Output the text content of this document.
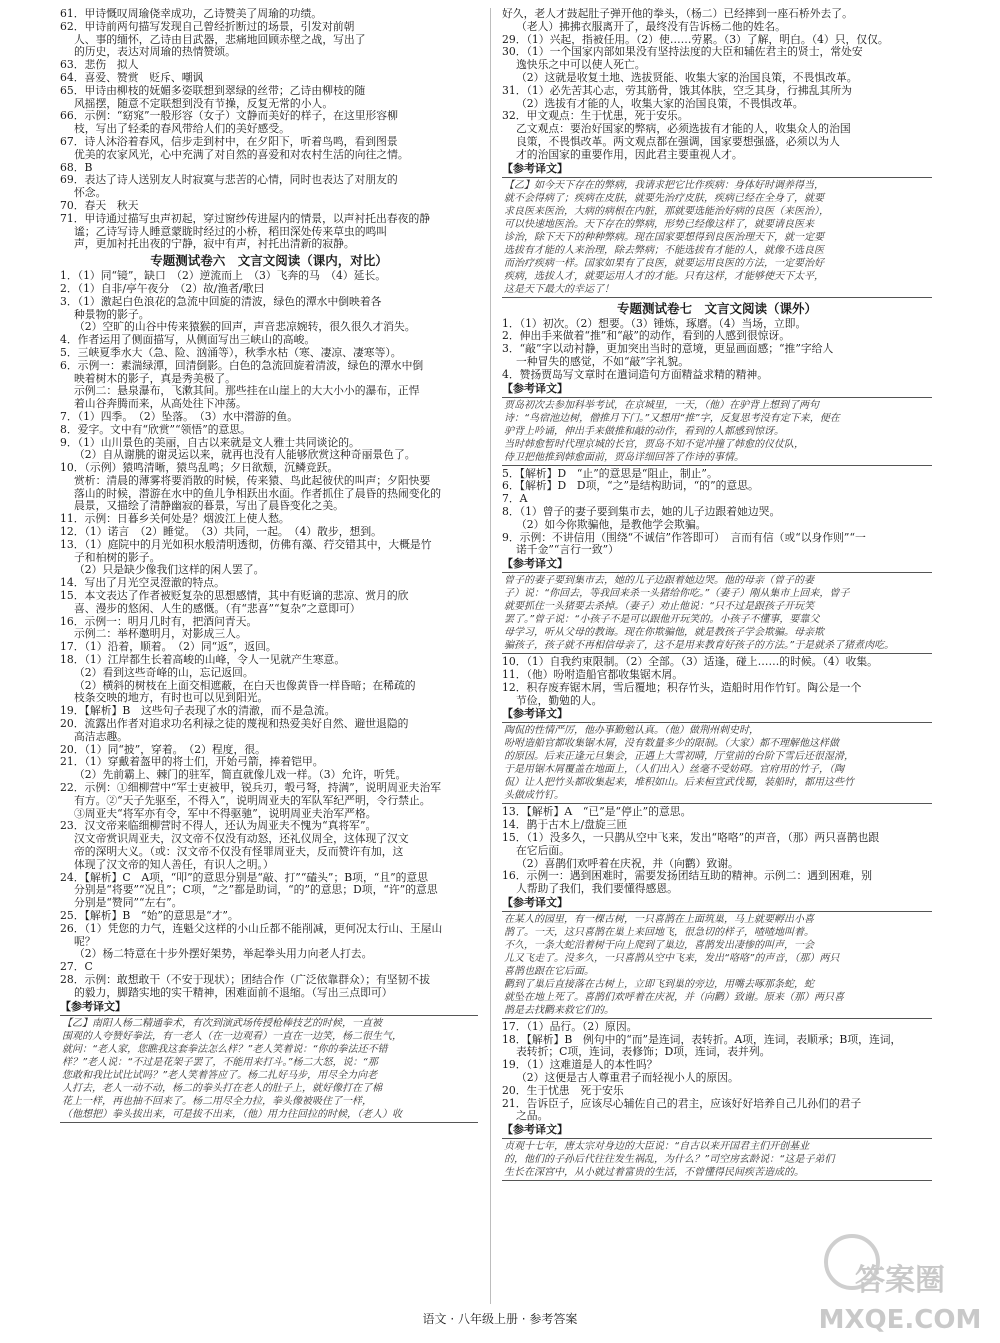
61．甲诗慨叹周瑜侥幸成功，乙诗赞美了周瑜的功绩。
62．甲诗前两句描写发现自己曾经折断过的场景，引发对前朝
人、事的缅怀，乙诗由目武器，悲痛地回顾赤壁之战，写出了
的历史，表达对周瑜的热情赞颂。
63．悲伤　拟人
64．喜爱、赞赏　贬斥、嘲讽
65．甲诗由柳枝的妩媚多姿联想到翠绿的丝带；乙诗由柳枝的随
风摇摆，随意不定联想到没有节操，反复无常的小人。
66．示例：“窈窕”一般形容（女子）文静而美好的样子，在这里形容柳
枝，写出了轻柔的春风带给人们的美好感受。
67．诗人沐浴着春风，信步走到村中，在夕阳下，听着鸟鸣，看到图景
优美的农家风光，心中充满了对自然的喜爱和对农村生活的向往之情。
68．B
69．表达了诗人送别友人时寂寞与悲苦的心情，同时也表达了对朋友的
怀念。
70．春天　秋天
71．甲诗通过描写虫声初起，穿过窗纱传进屋内的情景，以声衬托出春夜的静
谧；乙诗写诗人睡意蒙眬时经过的小桥，稻田深处传来草虫的鸣叫
声，更加衬托出夜的宁静，寂中有声，衬托出清新的寂静。
专题测试卷六　文言文阅读（课内，对比）
1．（1）同“镜”，缺口　（2）逆流而上　（3）飞奔的马　（4）延长。
2．（1）自非/亭午夜分　（2）故/渔者/歌曰
3．（1）激起白色浪花的急流中回旋的清波，绿色的潭水中倒映着各
种景物的影子。
（2）空旷的山谷中传来猿猴的回声，声音悲凉婉转，很久很久才消失。
4．作者运用了侧面描写，从侧面写出三峡山的高峻。
5．三峡夏季水大（急、险、汹涌等），秋季水枯（寒、凄凉、凄寒等）。
6．示例一：素湍绿潭，回清倒影。白色的急流回旋着清波，绿色的潭水中倒
映着树木的影子，真是秀美极了。
示例二：悬泉瀑布，飞漱其间。那些挂在山崖上的大大小小的瀑布，正悍
着山谷奔腾而来，从高处往下冲荡。
7．（1）四季。　（2）坠落。　（3）水中潜游的鱼。
8．爱字。文中有“欣赏”“领悟”的意思。
9．（1）山川景色的美丽，自古以来就是文人雅士共同谈论的。
（2）自从谢朓的谢灵运以来，就再也没有人能够欣赏这种奇丽景色了。
10．（示例）猿鸣清晰，猿鸟乱鸣；夕日欲颓，沉鳞竞跃。
赏析：清晨的薄雾将要消散的时候，传来猿、鸟此起彼伏的叫声；夕阳快要
落山的时候，潜游在水中的鱼儿争相跃出水面。作者抓住了晨昏的热闹变化的
晨景，又描绘了清静幽寂的暮景，写出了晨昏变化之美。
11．示例：日暮乡关何处是？烟波江上使人愁。
12．（1）诺言　（2）睡觉。　（3）共同，一起。　（4）散步，想到。
13．（1）庭院中的月光如积水般清明透彻，仿佛有藻、荇交错其中，大概是竹
子和柏树的影子。
（2）只是缺少像我们这样的闲人罢了。
14．写出了月光空灵澄澈的特点。
15．本文表达了作者被贬复杂的思想感情，其中有贬谪的悲凉、赏月的欣
喜、漫步的悠闲、人生的感慨。（有“悲喜”“复杂”之意即可）
16．示例一：明月几时有，把酒问青天。
示例二：举杯邀明月，对影成三人。
17．（1）沿着，顺着。　（2）同“返”，返回。
18．（1）江岸都生长着高峻的山峰，令人一见就产生寒意。
（2）看到这些奇峰的山，忘记返回。
（2）横斜的树枝在上面交相遮蔽，在白天也像黄昏一样昏暗；在稀疏的
枝条交映的地方，有时也可以见到阳光。
19．【解析】B　这些句子表现了水的清澈，而不是急流。
20．流露出作者对追求功名利禄之徒的蔑视和热爱美好自然、避世退隐的
高洁志趣。
20．（1）同“披”，穿着。　（2）程度，很。
21．（1）穿戴着盔甲的将士们，开始弓箭，捧着铠甲。
（2）先前霸上、棘门的驻军，简直就像儿戏一样。（3）允许，听凭。
22．示例：①细柳营中“军士吏被甲，锐兵刃，彀弓弩，持满”，说明周亚夫治军
有方。②“天子先驱至，不得入”，说明周亚夫的军队军纪严明，令行禁止。
③周亚夫“将军亦有令，军中不得驱驰”，说明周亚夫治军严格。
23．汉文帝来临细柳营时不得人，还认为周亚夫不愧为“真将军”。
汉文帝赏识周亚夫，汉文帝不仅没有动怒，还礼仪周全，这体现了汉文
帝的深明大义。（或：汉文帝不仅没有怪罪周亚夫，反而赞许有加，这
体现了汉文帝的知人善任，有识人之明。）
24．【解析】C　A项，“叩”的意思分别是“敲、打”“磕头”；B项，“且”的意思
分别是“将要”“况且”；C项，“之”都是助词，“的”的意思；D项，“许”的意思
分别是“赞同”“左右”。
25．【解析】B　“始”的意思是“才”。
26．（1）凭您的力气，连魁父这样的小山丘都不能削减，更何况太行山、王屋山
呢？
（2）杨二特意在十步外摆好架势，举起拳头用力向老人打去。
27．C
28．示例：敢想敢干（不安于现状）；团结合作（广泛依靠群众）；有坚韧不拔
的毅力，脚踏实地的实干精神，困难面前不退缩。（写出三点即可）
【参考译文】
【乙】南阳人杨二精通拳术，有次到演武场传授枪棒技艺的时候，一直被
围观的人夸赞好拳法，有一老人（在一边观看）一直在一边笑，杨二很生气，
就问：“老人家，您瞧我这套拳法怎么样？”老人笑着说：“你的拳法还不错
样？”老人说：“不过是花架子罢了，不能用来打斗。”杨二大怒，说：“那
您敢和我比试比试吗？”老人笑着答应了。杨二扎好马步，用尽全力向老
人打去，老人一动不动，杨二的拳头打在老人的肚子上，就好像打在了棉
花上一样，再也抽不回来了。杨二用尽全力拉，拳头像被吸住了一样，
（他想把）拳头拔出来，可是拔不出来，（他）用力往回拉的时候，（老人）收
好久，老人才鼓起肚子弹开他的拳头，（杨二）已经摔到一座石桥外去了。
（老人）拂拂衣服离开了，最终没有告诉杨二他的姓名。
29．（1）兴起，指被任用。（2）使……劳累。（3）了解，明白。（4）只，仅仅。
30．（1）一个国家内部如果没有坚持法度的大臣和辅佐君主的贤士，常处安
逸快乐之中可以使人死亡。
（2）这就是收复土地、选拔贤能、收集大家的治国良策，不畏惧改革。
31．（1）必先苦其心志，劳其筋骨，饿其体肤，空乏其身，行拂乱其所为
（2）选拔有才能的人，收集大家的治国良策，不畏惧改革。
32．甲文观点：生于忧患，死于安乐。
乙文观点：要治好国家的弊病，必须选拔有才能的人，收集众人的治国
良策，不畏惧改革。两文观点都在强调，国家要想强盛，必须以为人
才的治国家的重要作用，因此君主要重视人才。
【参考译文】
【乙】如今天下存在的弊病，我请求把它比作疾病：身体好时调养得当，
就不会得病了；疾病在皮肤，就要先治疗皮肤，疾病已经在全身了，就要
求良医来医治，大病的病根在内脏，那就要选能治好病的良医（来医治），
可以快速地医治。天下存在的弊病，形势已经像这样了，就要请良医来
诊治，除下天下的种种弊病。现在国家要想得到良医治理天下，就一定要
选拔有才能的人来治理，除去弊病；不能选拔有才能的人，就像不选良医
而治疗疾病一样。国家如果有了良医，就要运用良医的方法，一定要治好
疾病，选拔人才，就要运用人才的才能。只有这样，才能够使天下太平，
这是天下最大的幸运了！
专题测试卷七　文言文阅读（课外）
1．（1）初次。（2）想要。（3）锤炼，琢磨。（4）当场，立即。
2．伸出手来做着“推”和“敲”的动作，看到的人感到很惊讶。
3．“敲”字以动衬静，更加突出当时的意境，更显画面感；“推”字给人
一种冒失的感觉，不如“敲”字礼貌。
4．赞扬贾岛写文章时在遣词造句方面精益求精的精神。
【参考译文】
贾岛初次去参加科举考试，在京城里，一天，（他）在驴背上想到了两句
诗：“鸟宿池边树，僧推月下门。”又想用“推”字，反复思考没有定下来，便在
驴背上吟诵，伸出手来做推和敲的动作，看到的人都感到惊讶。
当时韩愈暂时代理京城的长官，贾岛不知不觉冲撞了韩愈的仪仗队，
侍卫把他推到韩愈面前，贾岛详细回答了作诗的事情。
5．【解析】D　“止”的意思是“阻止，制止”。
6．【解析】D　D项，“之”是结构助词，“的”的意思。
7．A
8．（1）曾子的妻子要到集市去，她的儿子边跟着她边哭。
（2）如今你欺骗他，是教他学会欺骗。
9．示例：不讲信用（围绕“不诚信”作答即可）　言而有信（或“以身作则”“一
诺千金”“言行一致”）
【参考译文】
曾子的妻子要到集市去，她的儿子边跟着她边哭。他的母亲（曾子的妻
子）说：“你回去，等我回来杀一头猪给你吃。”（妻子）刚从集市上回来，曾子
就要抓住一头猪要去杀掉。（妻子）劝止他说：“只不过是跟孩子开玩笑
罢了。”曾子说：“小孩子不是可以跟他开玩笑的。小孩子不懂事，要靠父
母学习，听从父母的教诲。现在你欺骗他，就是教孩子学会欺骗。母亲欺
骗孩子，孩子就不再相信母亲了，这不是用来教育好孩子的方法。”于是就杀了猪煮肉吃。
10．（1）自我约束限制。（2）全部。（3）适逢，碰上……的时候。（4）收集。
11．（他）吩咐造船官都收集锯木屑。
12．积存废弃锯木屑，雪后覆地；积存竹头，造船时用作竹钉。陶公是一个
节俭，勤勉的人。
【参考译文】
陶侃的性情严厉，他办事勤勉认真。（他）做荆州刺史时，
吩咐造船官都收集锯木屑，没有数量多少的限制。（大家）都不理解他这样做
的原因。后来正逢元旦集会，正遇上大雪初晴，厅堂前的台阶下雪后还很湿滑，
于是用锯木屑覆盖在地面上，（人们出入）丝毫不受妨碍。官府用的竹子，（陶
侃）让人把竹头都收集起来，堆积如山。后来桓宣武伐蜀，装船时，都用这些竹
头做成竹钉。
13．【解析】A　“已”是“停止”的意思。
14．鹊于古木上/盘旋三匝
15．（1）没多久，一只鹊从空中飞来，发出“咯咯”的声音，（那）两只喜鹊也跟
在它后面。
（2）喜鹊们欢呼着在庆祝，并（向鹳）致谢。
16．示例一：遇到困难时，需要发扬团结互助的精神。示例二：遇到困难，别
人帮助了我们，我们要懂得感恩。
【参考译文】
在某人的园里，有一棵古树，一只喜鹊在上面筑巢，马上就要孵出小喜
鹊了。一天，这只喜鹊在巢上来回地飞，很急切的样子，喳喳地叫着。
不久，一条大蛇沿着树干向上爬到了巢边，喜鹊发出凄惨的叫声，一会
儿又飞走了。没多久，一只喜鹊从空中飞来，发出“咯咯”的声音，（那）两只
喜鹊也跟在它后面。
鹳到了巢后直接落在古树上，立即飞到巢的旁边，用嘴去啄那条蛇，蛇
就坠在地上死了。喜鹊们欢呼着在庆祝，并（向鹳）致谢。原来（那）两只喜
鹊是去找鹳来救它们的。
17．（1）品行。（2）原因。
18．【解析】B　例句中的“而”是连词，表转折。A项，连词，表顺承；B项，连词，
表转折；C项，连词，表修饰；D项，连词，表并列。
19．（1）这难道是人的本性吗？
（2）这便是古人尊重君子而轻视小人的原因。
20．生于忧患　死于安乐
21．告诉臣子，应该尽心辅佐自己的君主，应该好好培养自己儿孙们的君子
之品。
【参考译文】
贞观十七年，唐太宗对身边的大臣说：“自古以来开国君主们开创基业
的，他们的子孙后代往往发生祸乱，为什么？”司空房玄龄说：“这是子弟们
生长在深宫中，从小就过着富贵的生活，不曾懂得民间疾苦造成的。
语文 · 八年级上册 · 参考答案
答案圈
MXQE.COM
